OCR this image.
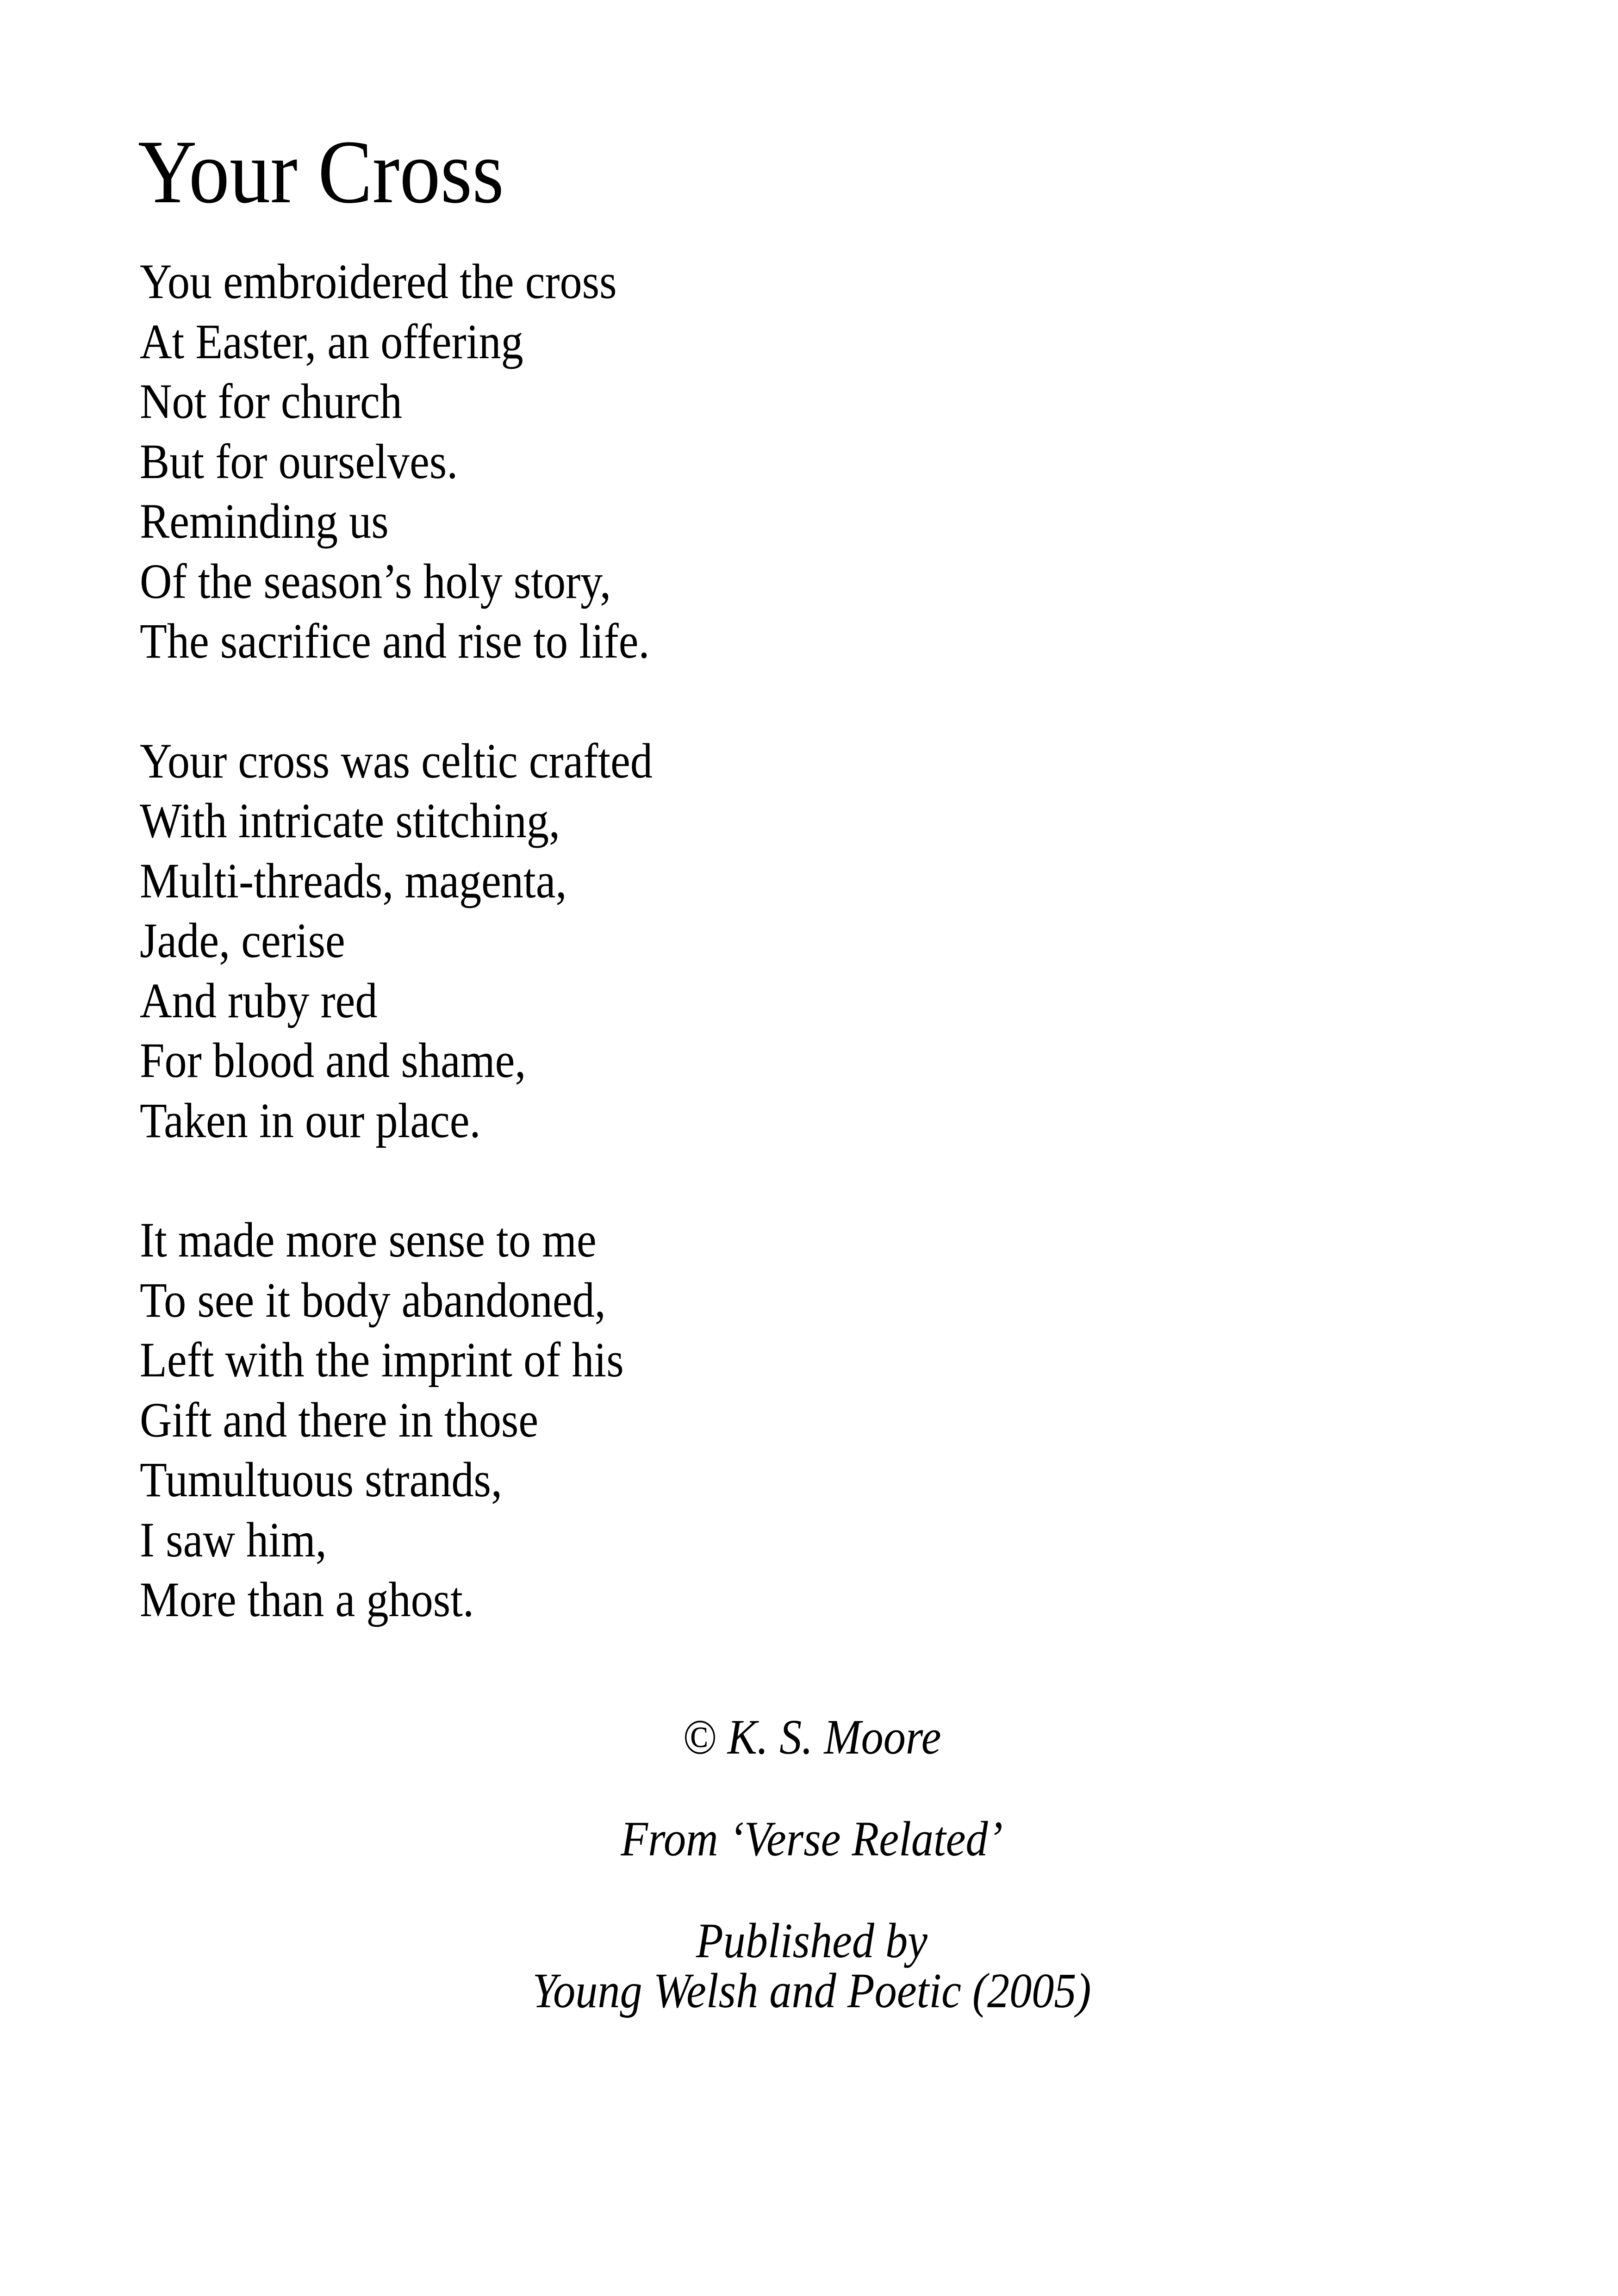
Your Cross
You embroidered the cross
At Easter, an offering
Not for church
But for ourselves.
Reminding us
Of the season’s holy story,
The sacrifice and rise to life.
Your cross was celtic crafted
With intricate stitching,
Multi-threads, magenta,
Jade, cerise
And ruby red
For blood and shame,
Taken in our place.
It made more sense to me
To see it body abandoned,
Left with the imprint of his
Gift and there in those
Tumultuous strands,
I saw him,
More than a ghost.
© K. S. Moore
From ‘Verse Related’
Published by
Young Welsh and Poetic (2005)
